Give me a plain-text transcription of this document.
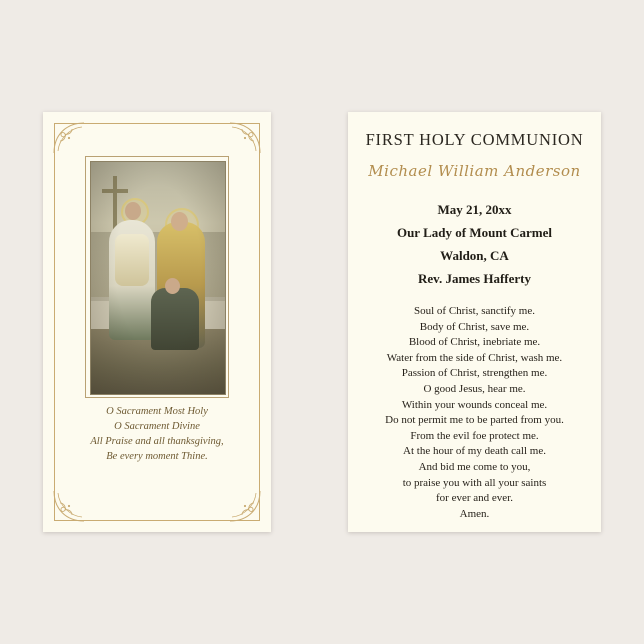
O Sacrament Most Holy
O Sacrament Divine
All Praise and all thanksgiving,
Be every moment Thine.
FIRST HOLY COMMUNION
Michael William Anderson
May 21, 20xx
Our Lady of Mount Carmel
Waldon, CA
Rev. James Hafferty
Soul of Christ, sanctify me.
Body of Christ, save me.
Blood of Christ, inebriate me.
Water from the side of Christ, wash me.
Passion of Christ, strengthen me.
O good Jesus, hear me.
Within your wounds conceal me.
Do not permit me to be parted from you.
From the evil foe protect me.
At the hour of my death call me.
And bid me come to you,
to praise you with all your saints
for ever and ever.
Amen.
